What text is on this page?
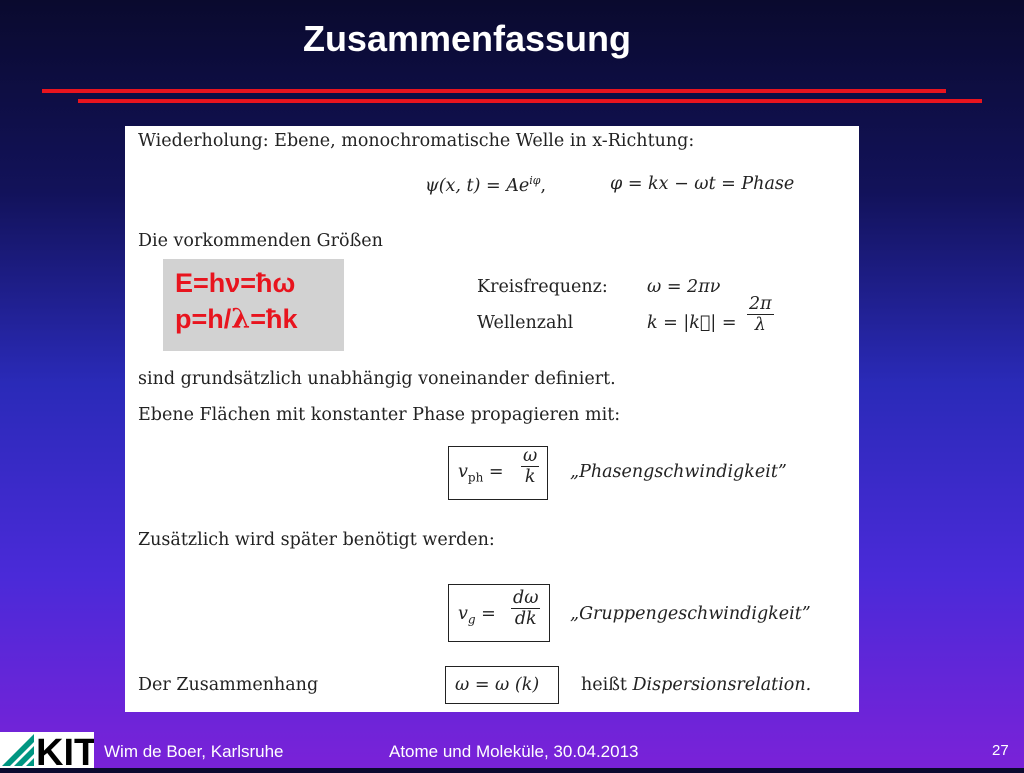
Zusammenfassung
Wiederholung: Ebene, monochromatische Welle in x-Richtung:
ψ(x, $t) = Ae^{i\varphi}$,	φ = kx − ωt = Phase
Die vorkommenden Größen
Kreisfrequenz: ω = 2πν
Wellenzahl	k = |k⃗| =
2π
λ
sind grundsätzlich unabhängig voneinander definiert.
Ebene Flächen mit konstanter Phase propagieren mit:
$v_{ph}$ =
ω
k „Phasengschwindigkeit”
Zusätzlich wird später benötigt werden:
$v_g$ =
dω
dk „Gruppengeschwindigkeit”
Der Zusammenhang	ω = ω (k) heißt Dispersionsrelation.
E=hν=ħω
p=h/λ=ħk
KIT Wim de Boer, Karlsruhe	Atome und Moleküle, 30.04.2013	27
